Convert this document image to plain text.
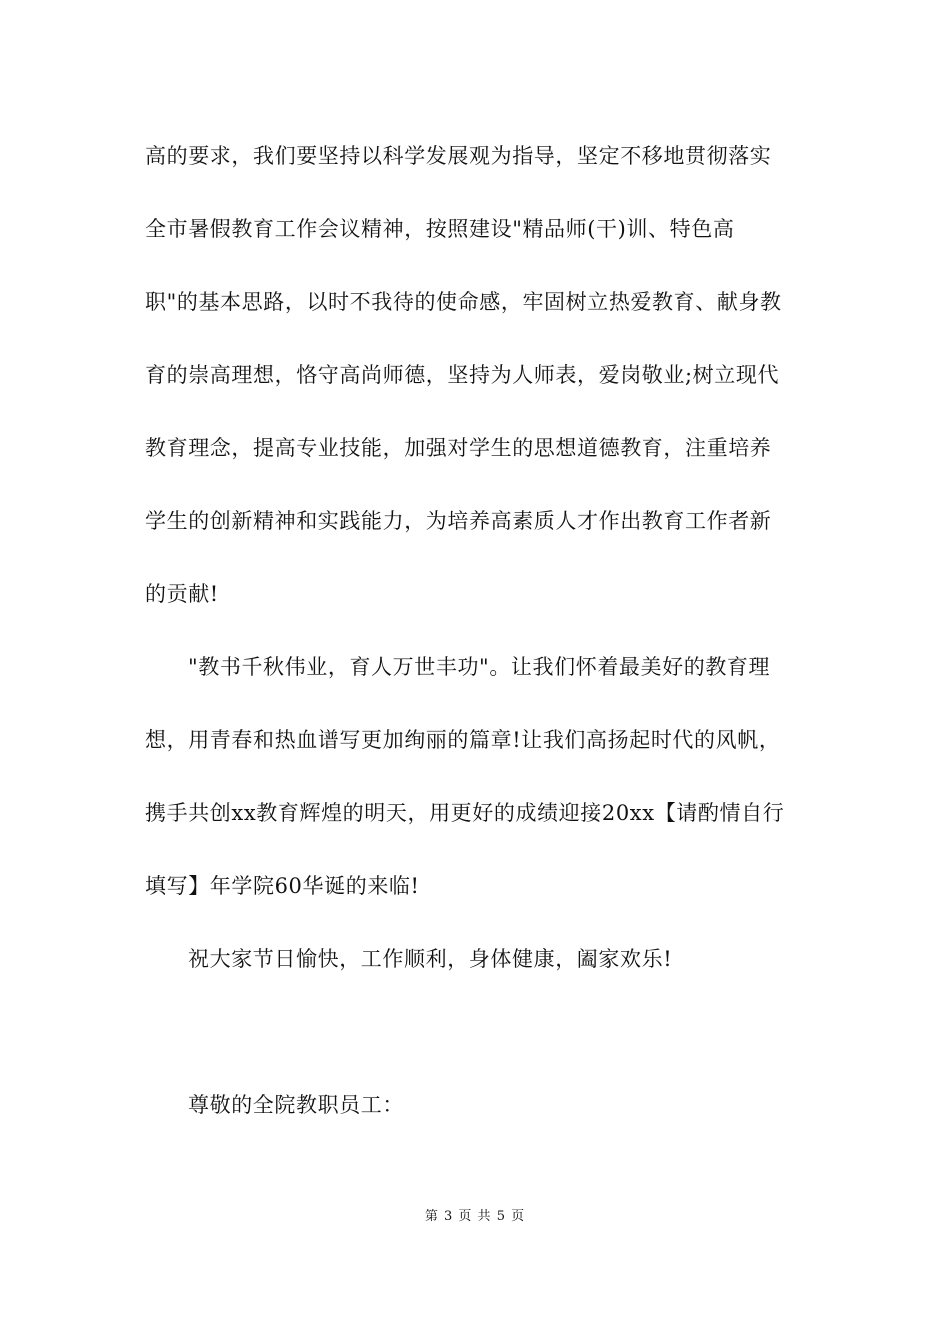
高的要求，我们要坚持以科学发展观为指导，坚定不移地贯彻落实
全市暑假教育工作会议精神，按照建设"精品师(干)训、特色高
职"的基本思路，以时不我待的使命感，牢固树立热爱教育、献身教
育的崇高理想，恪守高尚师德，坚持为人师表，爱岗敬业;树立现代
教育理念，提高专业技能，加强对学生的思想道德教育，注重培养
学生的创新精神和实践能力，为培养高素质人才作出教育工作者新
的贡献!
"教书千秋伟业，育人万世丰功"。让我们怀着最美好的教育理
想，用青春和热血谱写更加绚丽的篇章!让我们高扬起时代的风帆，
携手共创xx教育辉煌的明天，用更好的成绩迎接20xx【请酌情自行
填写】年学院60华诞的来临!
祝大家节日愉快，工作顺利，身体健康，阖家欢乐!
尊敬的全院教职员工：
第 3 页 共 5 页
